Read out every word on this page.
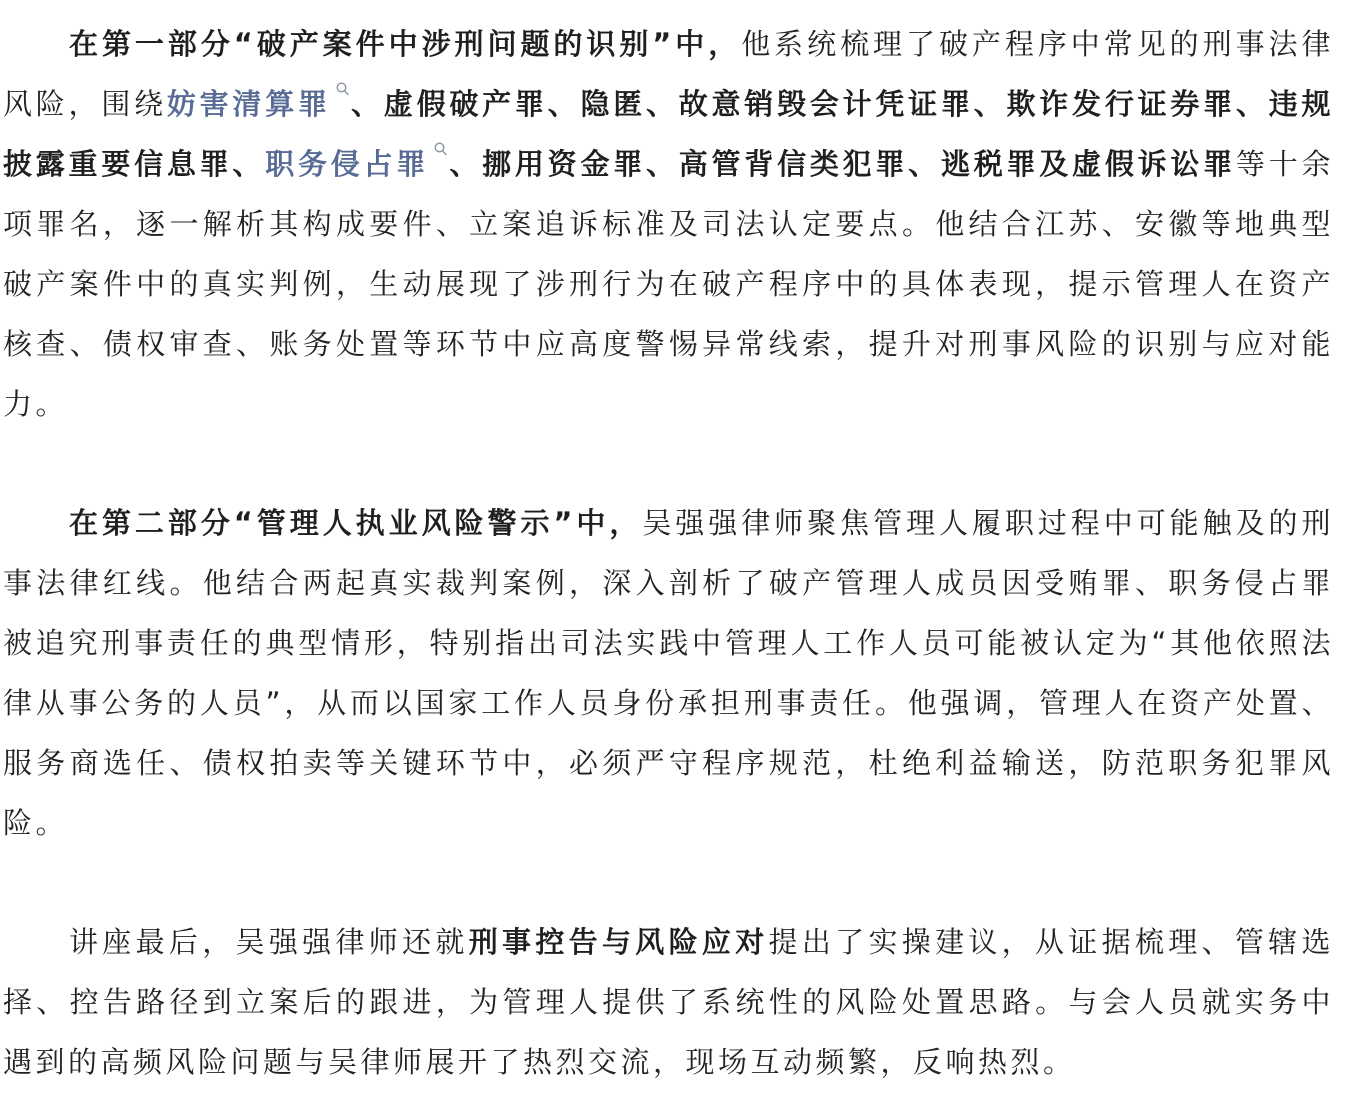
在第一部分“破产案件中涉刑问题的识别”中，他系统梳理了破产程序中常见的刑事法律风险，围绕妨害清算罪 、虚假破产罪、隐匿、故意销毁会计凭证罪、欺诈发行证券罪、违规披露重要信息罪、职务侵占罪 、挪用资金罪、高管背信类犯罪、逃税罪及虚假诉讼罪等十余项罪名，逐一解析其构成要件、立案追诉标准及司法认定要点。他结合江苏、安徽等地典型破产案件中的真实判例，生动展现了涉刑行为在破产程序中的具体表现，提示管理人在资产核查、债权审查、账务处置等环节中应高度警惕异常线索，提升对刑事风险的识别与应对能力。

在第二部分“管理人执业风险警示”中，吴强强律师聚焦管理人履职过程中可能触及的刑事法律红线。他结合两起真实裁判案例，深入剖析了破产管理人成员因受贿罪、职务侵占罪被追究刑事责任的典型情形，特别指出司法实践中管理人工作人员可能被认定为“其他依照法律从事公务的人员”，从而以国家工作人员身份承担刑事责任。他强调，管理人在资产处置、服务商选任、债权拍卖等关键环节中，必须严守程序规范，杜绝利益输送，防范职务犯罪风险。

讲座最后，吴强强律师还就刑事控告与风险应对提出了实操建议，从证据梳理、管辖选择、控告路径到立案后的跟进，为管理人提供了系统性的风险处置思路。与会人员就实务中遇到的高频风险问题与吴律师展开了热烈交流，现场互动频繁，反响热烈。
